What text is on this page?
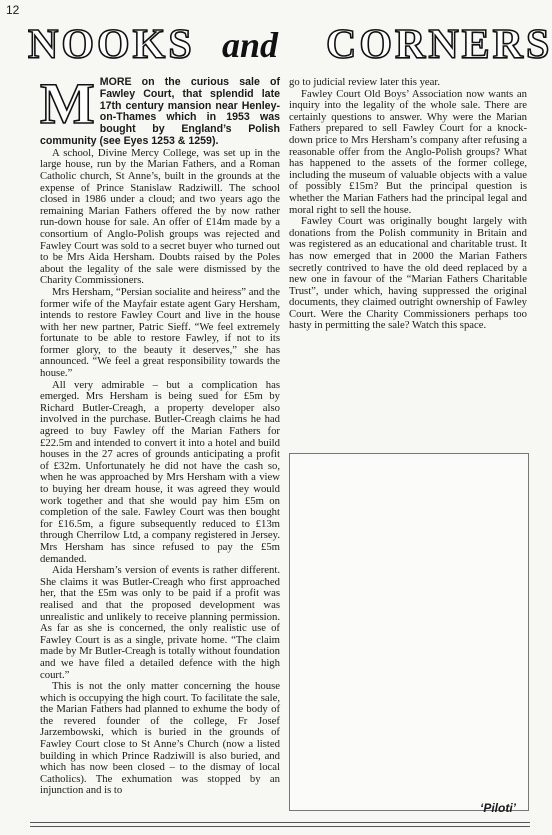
12
NOOKS and CORNERS

MMORE on the curious sale of Fawley Court, that splendid late 17th century mansion near Henley-on-Thames which in 1953 was bought by England’s Polish community (see Eyes 1253 & 1259).

A school, Divine Mercy College, was set up in the large house, run by the Marian Fathers, and a Roman Catholic church, St Anne’s, built in the grounds at the expense of Prince Stanislaw Radziwill. The school closed in 1986 under a cloud; and two years ago the remaining Marian Fathers offered the by now rather run-down house for sale. An offer of £14m made by a consortium of Anglo-Polish groups was rejected and Fawley Court was sold to a secret buyer who turned out to be Mrs Aida Hersham. Doubts raised by the Poles about the legality of the sale were dismissed by the Charity Commissioners.

Mrs Hersham, “Persian socialite and heiress” and the former wife of the Mayfair estate agent Gary Hersham, intends to restore Fawley Court and live in the house with her new partner, Patric Sieff. “We feel extremely fortunate to be able to restore Fawley, if not to its former glory, to the beauty it deserves,” she has announced. “We feel a great responsibility towards the house.”

All very admirable – but a complication has emerged. Mrs Hersham is being sued for £5m by Richard Butler-Creagh, a property developer also involved in the purchase. Butler-Creagh claims he had agreed to buy Fawley off the Marian Fathers for £22.5m and intended to convert it into a hotel and build houses in the 27 acres of grounds anticipating a profit of £32m. Unfortunately he did not have the cash so, when he was approached by Mrs Hersham with a view to buying her dream house, it was agreed they would work together and that she would pay him £5m on completion of the sale. Fawley Court was then bought for £16.5m, a figure subsequently reduced to £13m through Cherrilow Ltd, a company registered in Jersey. Mrs Hersham has since refused to pay the £5m demanded.

Aida Hersham’s version of events is rather different. She claims it was Butler-Creagh who first approached her, that the £5m was only to be paid if a profit was realised and that the proposed development was unrealistic and unlikely to receive planning permission. As far as she is concerned, the only realistic use of Fawley Court is as a single, private home. “The claim made by Mr Butler-Creagh is totally without foundation and we have filed a detailed defence with the high court.”

This is not the only matter concerning the house which is occupying the high court. To facilitate the sale, the Marian Fathers had planned to exhume the body of the revered founder of the college, Fr Josef Jarzembowski, which is buried in the grounds of Fawley Court close to St Anne’s Church (now a listed building in which Prince Radziwill is also buried, and which has now been closed – to the dismay of local Catholics). The exhumation was stopped by an injunction and is to

go to judicial review later this year.

Fawley Court Old Boys’ Association now wants an inquiry into the legality of the whole sale. There are certainly questions to answer. Why were the Marian Fathers prepared to sell Fawley Court for a knock-down price to Mrs Hersham’s company after refusing a reasonable offer from the Anglo-Polish groups? What has happened to the assets of the former college, including the museum of valuable objects with a value of possibly £15m? But the principal question is whether the Marian Fathers had the principal legal and moral right to sell the house.

Fawley Court was originally bought largely with donations from the Polish community in Britain and was registered as an educational and charitable trust. It has now emerged that in 2000 the Marian Fathers secretly contrived to have the old deed replaced by a new one in favour of the “Marian Fathers Charitable Trust”, under which, having suppressed the original documents, they claimed outright ownership of Fawley Court. Were the Charity Commissioners perhaps too hasty in permitting the sale? Watch this space.

‘Piloti’
